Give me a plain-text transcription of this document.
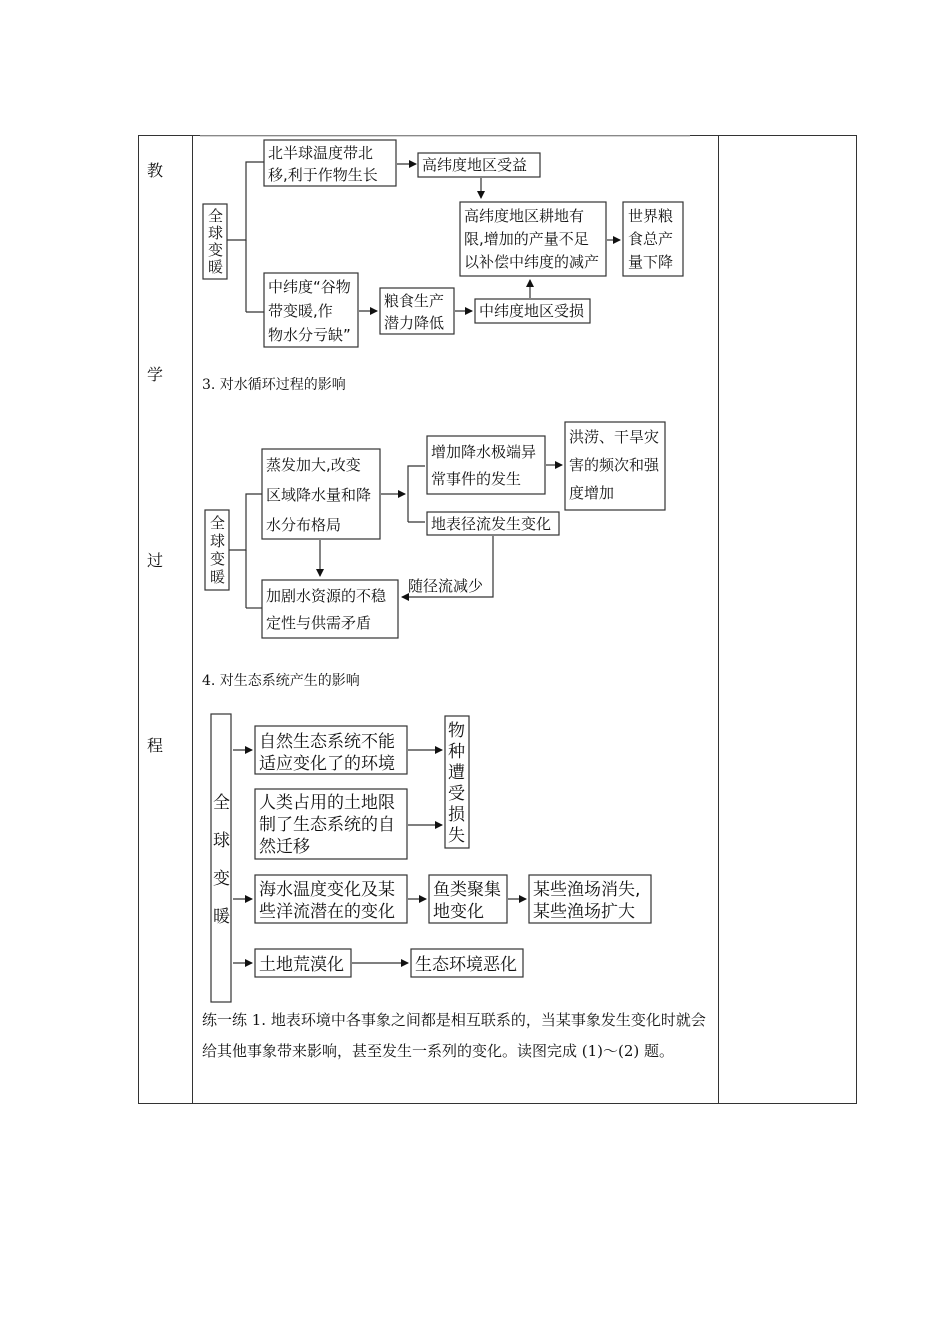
教
学
过
程
全
球
变
暖
北半球温度带北
移,利于作物生长
高纬度地区受益
高纬度地区耕地有
限,增加的产量不足
以补偿中纬度的减产
世界粮
食总产
量下降
中纬度“谷物
带变暖,作
物水分亏缺”
粮食生产
潜力降低
中纬度地区受损
全
球
变
暖
蒸发加大,改变
区域降水量和降
水分布格局
增加降水极端异
常事件的发生
洪涝、干旱灾
害的频次和强
度增加
地表径流发生变化
加剧水资源的不稳
定性与供需矛盾
随径流减少
全
球
变
暖
自然生态系统不能
适应变化了的环境
物
种
遭
受
损
失
人类占用的土地限
制了生态系统的自
然迁移
海水温度变化及某
些洋流潜在的变化
鱼类聚集
地变化
某些渔场消失,
某些渔场扩大
土地荒漠化	生态环境恶化
3. 对水循环过程的影响
4. 对生态系统产生的影响
练一练 1. 地表环境中各事象之间都是相互联系的，当某事象发生变化时就会给其他事象带来影响，甚至发生一系列的变化。读图完成 (1)～(2) 题。
